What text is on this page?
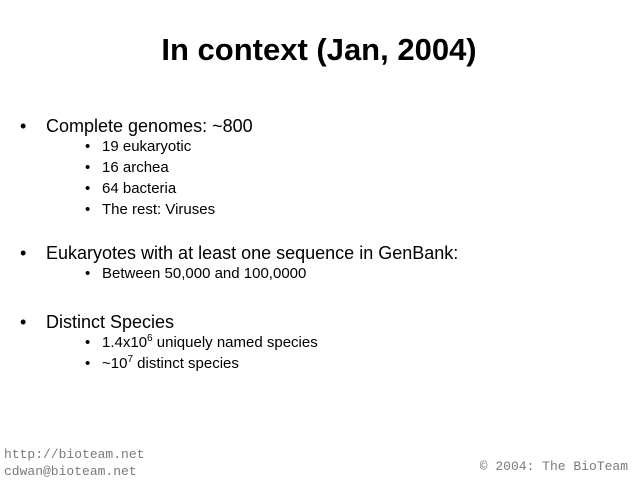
In context (Jan, 2004)
• Complete genomes: ~800
• 19 eukaryotic
• 16 archea
• 64 bacteria
• The rest: Viruses
• Eukaryotes with at least one sequence in GenBank:
• Between 50,000 and 100,0000
• Distinct Species
• $1.4x10^6$ uniquely named species
• $\sim 10^7$ distinct species
http://bioteam.net
cdwan@bioteam.net	© 2004: The BioTeam
